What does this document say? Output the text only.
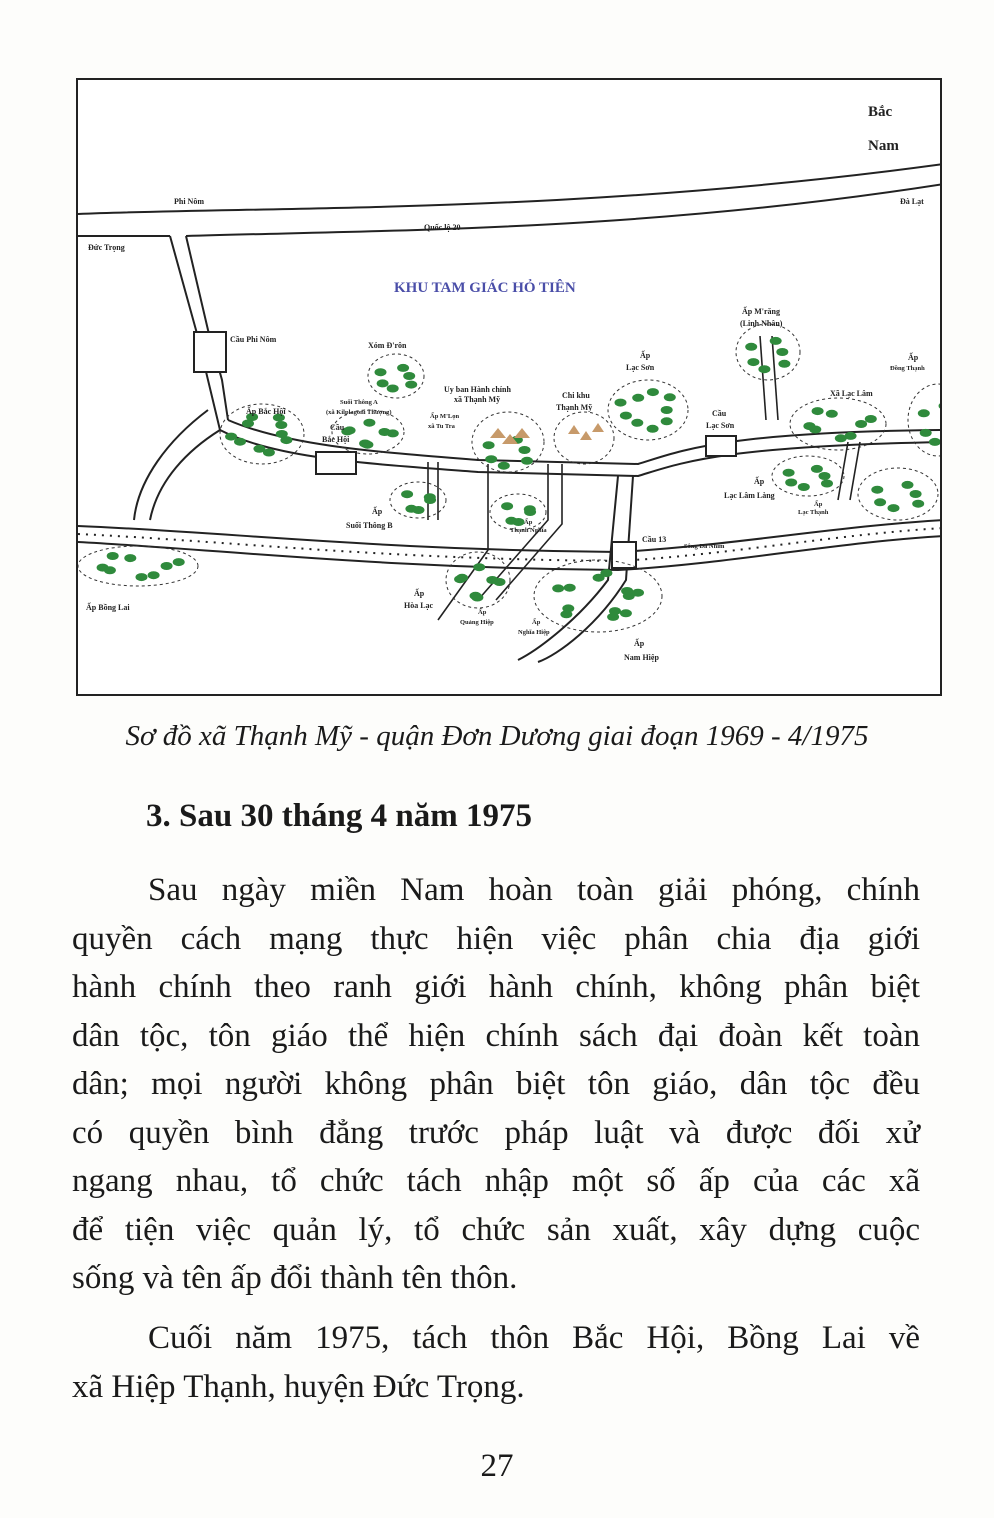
Bắc
Nam
Phi Nôm	Đà Lạt
Quốc lộ 20
Đức Trọng
KHU TAM GIÁC HỎ TIÊN
Cầu Phi Nôm
Xóm Đ'rôn
Uy ban Hành chính
xã Thạnh Mỹ	Chi khu
Thạnh Mỹ
Ấp
Lạc Sơn
Ấp M'răng
(Linh Nhân)
Ấp
Đồng Thạnh
Xã Lạc Lâm
Cầu
Lạc Sơn
Ấp Bắc Hội
Suối Thông A
(xã Kilplagoni Thượng)
Ấp M'Lọn
xã Tu Tra
Cầu
Bắc Hội
Ấp
Lạc Lâm Làng
Ấp
Lạc Thạnh
Ấp
Suối Thông B	Ấp
Thạnh Nghĩa
Cầu 13
Sông Đa Nhim
Ấp Bồng Lai
Ấp
Hòa Lạc
Ấp
Quảng Hiệp	Ấp
Nghĩa Hiệp
Ấp
Nam Hiệp
Sơ đồ xã Thạnh Mỹ - quận Đơn Dương giai đoạn 1969 - 4/1975
3. Sau 30 tháng 4 năm 1975
Sau ngày miền Nam hoàn toàn giải phóng, chính
quyền cách mạng thực hiện việc phân chia địa giới
hành chính theo ranh giới hành chính, không phân biệt
dân tộc, tôn giáo thể hiện chính sách đại đoàn kết toàn
dân; mọi người không phân biệt tôn giáo, dân tộc đều
có quyền bình đẳng trước pháp luật và được đối xử
ngang nhau, tổ chức tách nhập một số ấp của các xã
để tiện việc quản lý, tổ chức sản xuất, xây dựng cuộc
sống và tên ấp đổi thành tên thôn.
Cuối năm 1975, tách thôn Bắc Hội, Bồng Lai về
xã Hiệp Thạnh, huyện Đức Trọng.
27
